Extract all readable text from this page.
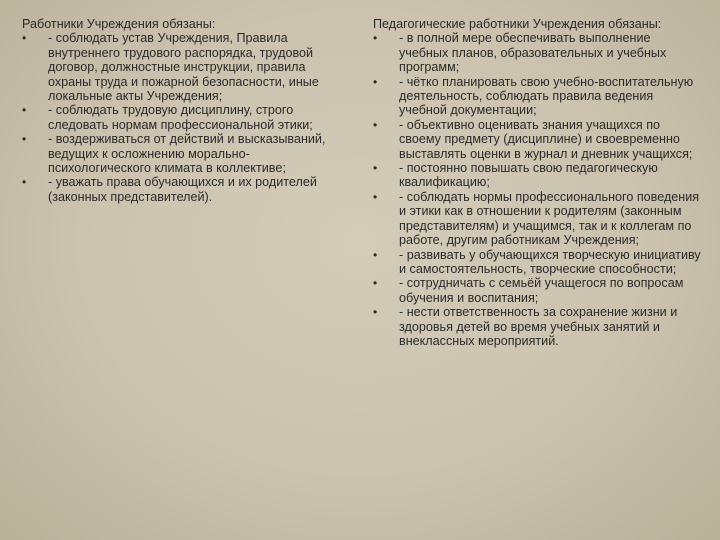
Работники Учреждения обязаны:

• - соблюдать устав Учреждения, Правила внутреннего трудового распорядка, трудовой договор, должностные инструкции, правила охраны труда и пожарной безопасности, иные локальные акты Учреждения;
• - соблюдать трудовую дисциплину, строго следовать нормам профессиональной этики;
• - воздерживаться от действий и высказываний, ведущих к осложнению морально-психологического климата в коллективе;
• - уважать права обучающихся и их родителей (законных представителей).

Педагогические работники Учреждения обязаны:

• - в полной мере обеспечивать выполнение учебных планов, образовательных и учебных программ;
• - чётко планировать свою учебно-воспитательную деятельность, соблюдать правила ведения учебной документации;
• - объективно оценивать знания учащихся по своему предмету (дисциплине) и своевременно выставлять оценки в журнал и дневник учащихся;
• - постоянно повышать свою педагогическую квалификацию;
• - соблюдать нормы профессионального поведения и этики как в отношении к родителям (законным представителям) и учащимся, так и к коллегам по работе, другим работникам Учреждения;
• - развивать у обучающихся творческую инициативу и самостоятельность, творческие способности;
• - сотрудничать с семьёй учащегося по вопросам обучения и воспитания;
• - нести ответственность за сохранение жизни и здоровья детей во время учебных занятий и внеклассных мероприятий.
